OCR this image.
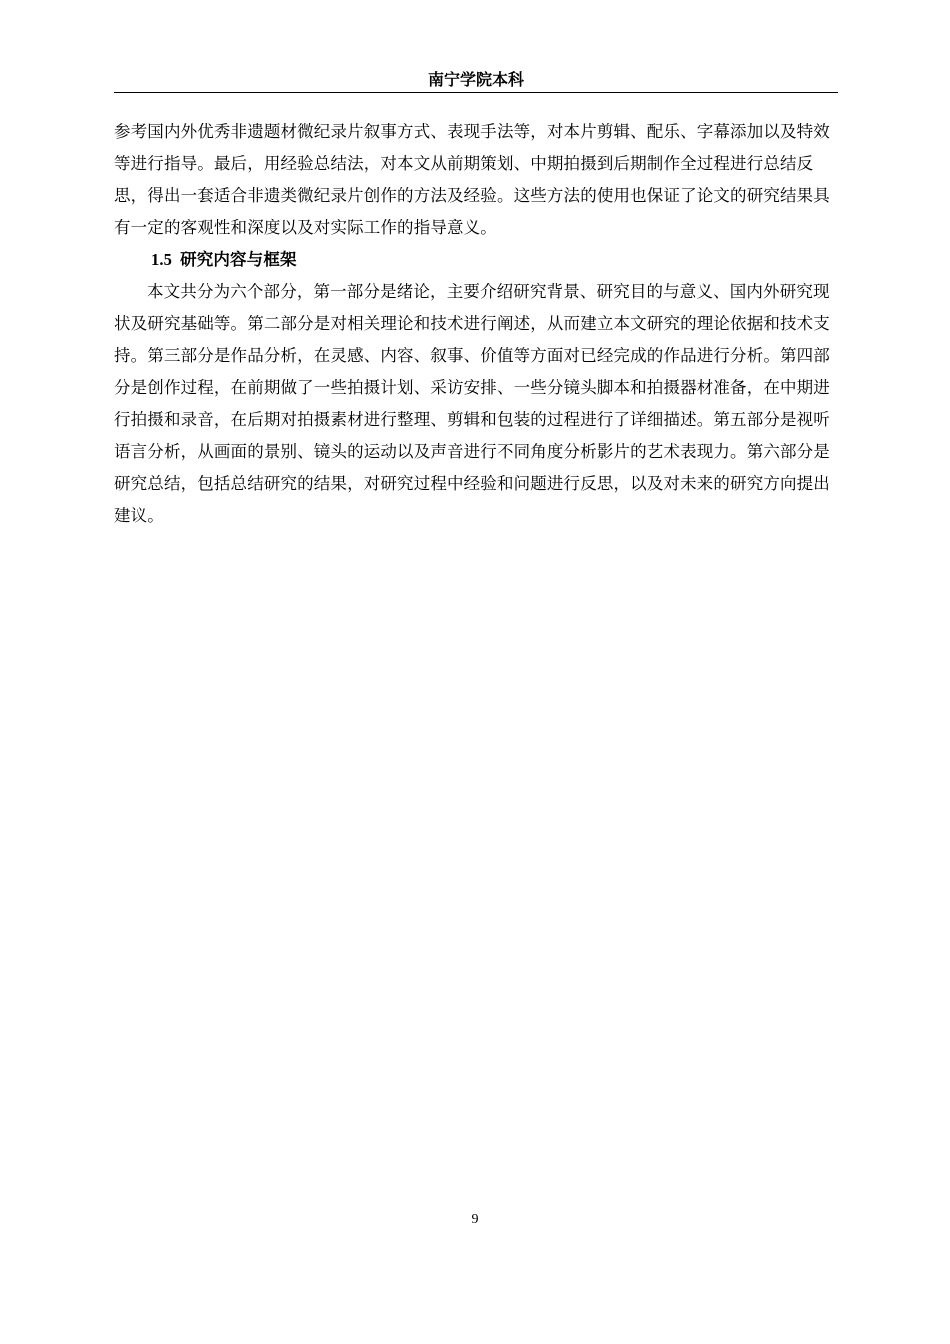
南宁学院本科

参考国内外优秀非遗题材微纪录片叙事方式、表现手法等，对本片剪辑、配乐、字幕添加以及特效等进行指导。最后，用经验总结法，对本文从前期策划、中期拍摄到后期制作全过程进行总结反思，得出一套适合非遗类微纪录片创作的方法及经验。这些方法的使用也保证了论文的研究结果具有一定的客观性和深度以及对实际工作的指导意义。

1.5 研究内容与框架

本文共分为六个部分，第一部分是绪论，主要介绍研究背景、研究目的与意义、国内外研究现状及研究基础等。第二部分是对相关理论和技术进行阐述，从而建立本文研究的理论依据和技术支持。第三部分是作品分析，在灵感、内容、叙事、价值等方面对已经完成的作品进行分析。第四部分是创作过程，在前期做了一些拍摄计划、采访安排、一些分镜头脚本和拍摄器材准备，在中期进行拍摄和录音，在后期对拍摄素材进行整理、剪辑和包装的过程进行了详细描述。第五部分是视听语言分析，从画面的景别、镜头的运动以及声音进行不同角度分析影片的艺术表现力。第六部分是研究总结，包括总结研究的结果，对研究过程中经验和问题进行反思，以及对未来的研究方向提出建议。

9
